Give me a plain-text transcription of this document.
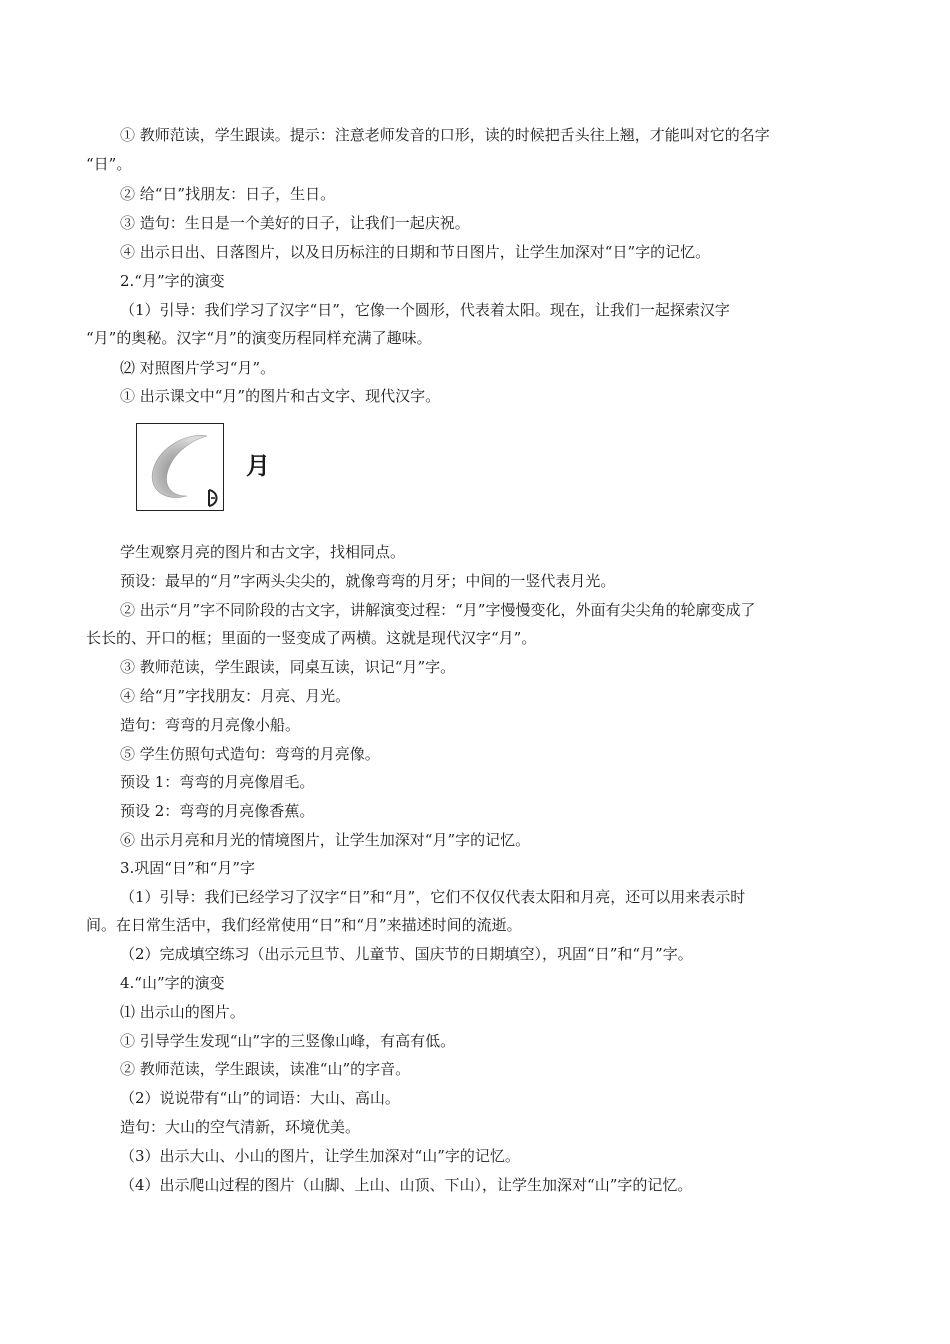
① 教师范读，学生跟读。提示：注意老师发音的口形，读的时候把舌头往上翘，才能叫对它的名字
“日”。
② 给“日”找朋友：日子，生日。
③ 造句：生日是一个美好的日子，让我们一起庆祝。
④ 出示日出、日落图片，以及日历标注的日期和节日图片，让学生加深对“日”字的记忆。
2.“月”字的演变
（1）引导：我们学习了汉字“日”，它像一个圆形，代表着太阳。现在，让我们一起探索汉字
“月”的奥秘。汉字“月”的演变历程同样充满了趣味。
⑵ 对照图片学习“月”。
① 出示课文中“月”的图片和古文字、现代汉字。
月
学生观察月亮的图片和古文字，找相同点。
预设：最早的“月”字两头尖尖的，就像弯弯的月牙；中间的一竖代表月光。
② 出示“月”字不同阶段的古文字，讲解演变过程：“月”字慢慢变化，外面有尖尖角的轮廓变成了
长长的、开口的框；里面的一竖变成了两横。这就是现代汉字“月”。
③ 教师范读，学生跟读，同桌互读，识记“月”字。
④ 给“月”字找朋友：月亮、月光。
造句：弯弯的月亮像小船。
⑤ 学生仿照句式造句：弯弯的月亮像。
预设 1：弯弯的月亮像眉毛。
预设 2：弯弯的月亮像香蕉。
⑥ 出示月亮和月光的情境图片，让学生加深对“月”字的记忆。
3.巩固“日”和“月”字
（1）引导：我们已经学习了汉字“日”和“月”，它们不仅仅代表太阳和月亮，还可以用来表示时
间。在日常生活中，我们经常使用“日”和“月”来描述时间的流逝。
（2）完成填空练习（出示元旦节、儿童节、国庆节的日期填空），巩固“日”和“月”字。
4.“山”字的演变
⑴ 出示山的图片。
① 引导学生发现“山”字的三竖像山峰，有高有低。
② 教师范读，学生跟读，读准“山”的字音。
（2）说说带有“山”的词语：大山、高山。
造句：大山的空气清新，环境优美。
（3）出示大山、小山的图片，让学生加深对“山”字的记忆。
（4）出示爬山过程的图片（山脚、上山、山顶、下山），让学生加深对“山”字的记忆。
